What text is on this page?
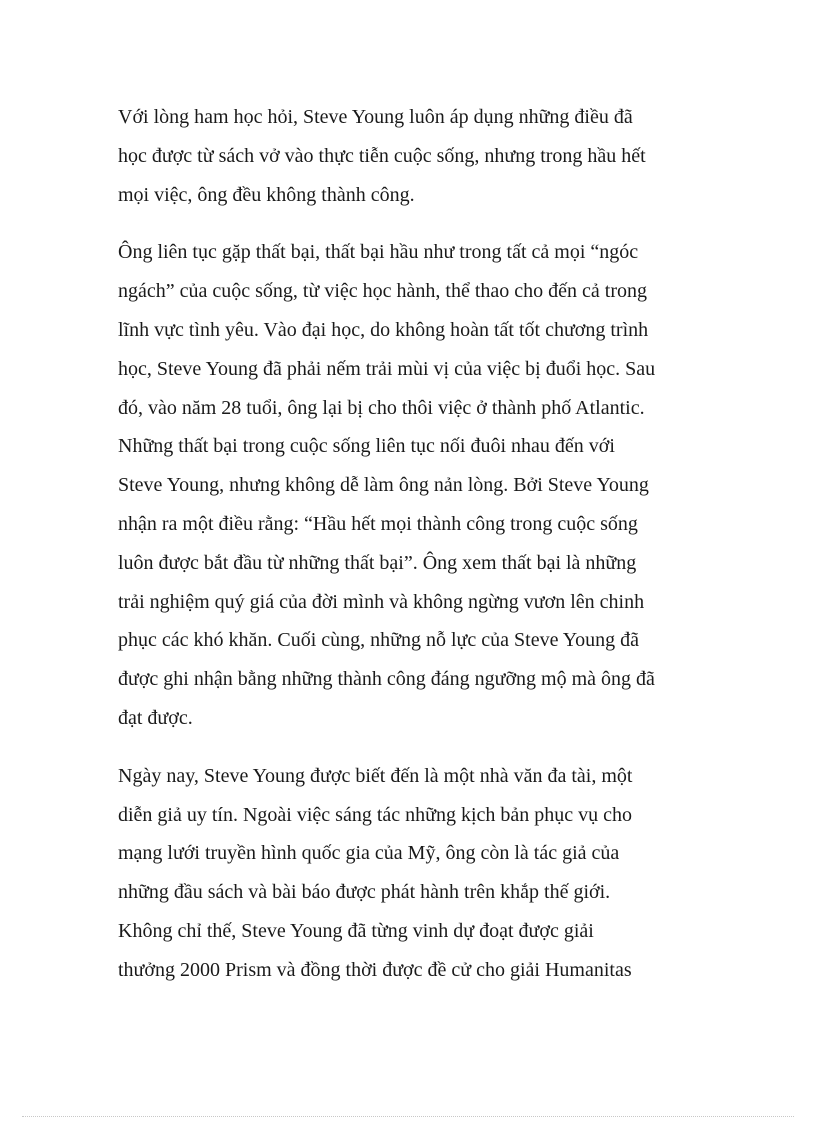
Với lòng ham học hỏi, Steve Young luôn áp dụng những điều đã
học được từ sách vở vào thực tiễn cuộc sống, nhưng trong hầu hết
mọi việc, ông đều không thành công.

Ông liên tục gặp thất bại, thất bại hầu như trong tất cả mọi “ngóc
ngách” của cuộc sống, từ việc học hành, thể thao cho đến cả trong
lĩnh vực tình yêu. Vào đại học, do không hoàn tất tốt chương trình
học, Steve Young đã phải nếm trải mùi vị của việc bị đuổi học. Sau
đó, vào năm 28 tuổi, ông lại bị cho thôi việc ở thành phố Atlantic.
Những thất bại trong cuộc sống liên tục nối đuôi nhau đến với
Steve Young, nhưng không dễ làm ông nản lòng. Bởi Steve Young
nhận ra một điều rằng: “Hầu hết mọi thành công trong cuộc sống
luôn được bắt đầu từ những thất bại”. Ông xem thất bại là những
trải nghiệm quý giá của đời mình và không ngừng vươn lên chinh
phục các khó khăn. Cuối cùng, những nỗ lực của Steve Young đã
được ghi nhận bằng những thành công đáng ngưỡng mộ mà ông đã
đạt được.

Ngày nay, Steve Young được biết đến là một nhà văn đa tài, một
diễn giả uy tín. Ngoài việc sáng tác những kịch bản phục vụ cho
mạng lưới truyền hình quốc gia của Mỹ, ông còn là tác giả của
những đầu sách và bài báo được phát hành trên khắp thế giới.
Không chỉ thế, Steve Young đã từng vinh dự đoạt được giải
thưởng 2000 Prism và đồng thời được đề cử cho giải Humanitas
